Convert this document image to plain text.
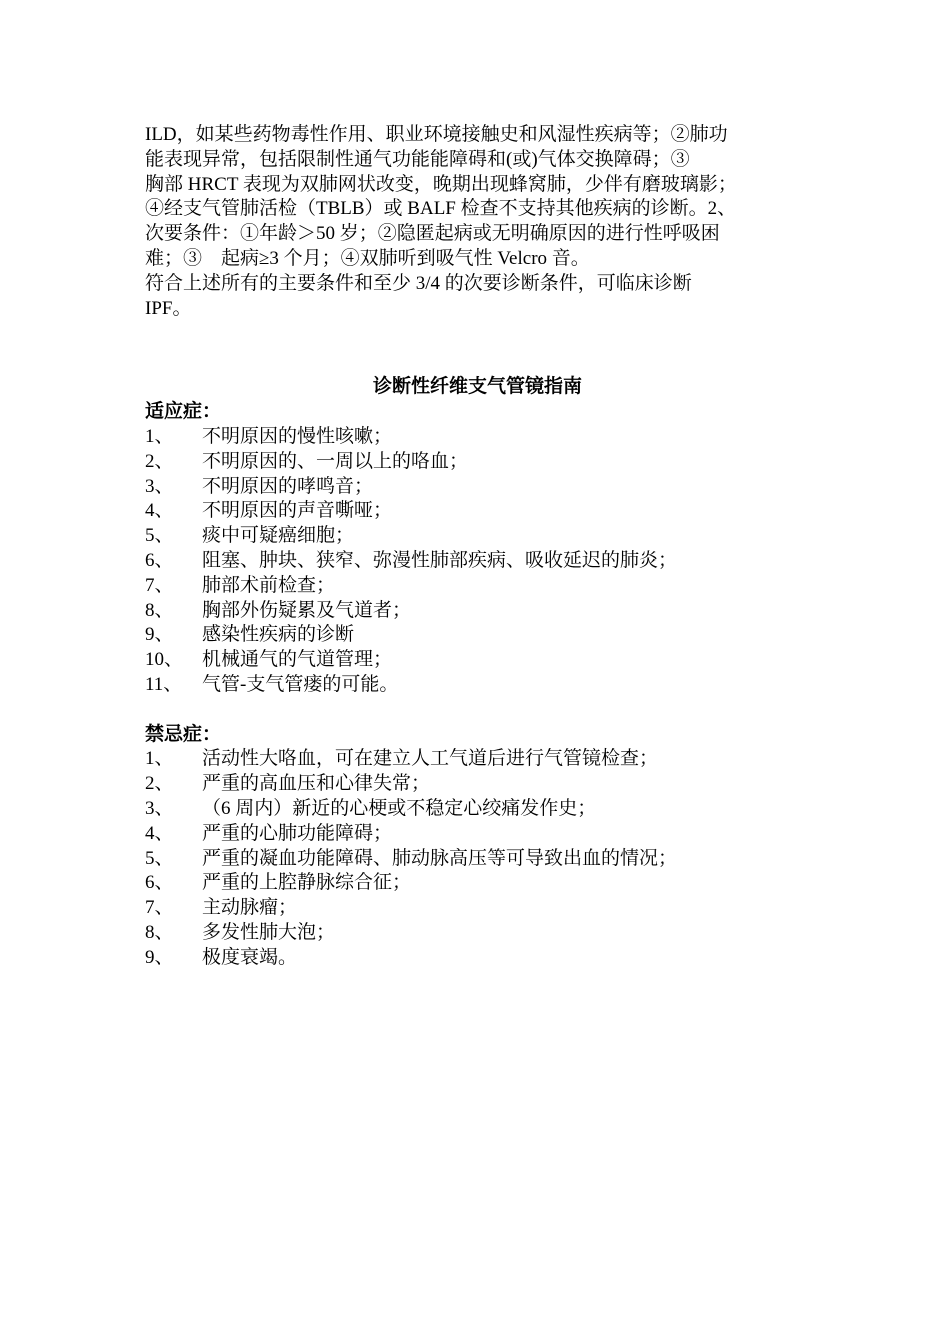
ILD，如某些药物毒性作用、职业环境接触史和风湿性疾病等；②肺功
能表现异常，包括限制性通气功能能障碍和(或)气体交换障碍；③
胸部 HRCT 表现为双肺网状改变，晚期出现蜂窝肺，少伴有磨玻璃影；
④经支气管肺活检（TBLB）或 BALF 检查不支持其他疾病的诊断。2、
次要条件：①年龄＞50 岁；②隐匿起病或无明确原因的进行性呼吸困
难；③　起病≥3 个月；④双肺听到吸气性 Velcro 音。
符合上述所有的主要条件和至少 3/4 的次要诊断条件，可临床诊断
IPF。
诊断性纤维支气管镜指南
适应症：
1、	不明原因的慢性咳嗽；
2、	不明原因的、一周以上的咯血；
3、	不明原因的哮鸣音；
4、	不明原因的声音嘶哑；
5、	痰中可疑癌细胞；
6、	阻塞、肿块、狭窄、弥漫性肺部疾病、吸收延迟的肺炎；
7、	肺部术前检查；
8、	胸部外伤疑累及气道者；
9、	感染性疾病的诊断
10、 机械通气的气道管理；
11、	气管-支气管瘘的可能。
禁忌症：
1、	活动性大咯血，可在建立人工气道后进行气管镜检查；
2、	严重的高血压和心律失常；
3、	（6 周内）新近的心梗或不稳定心绞痛发作史；
4、	严重的心肺功能障碍；
5、	严重的凝血功能障碍、肺动脉高压等可导致出血的情况；
6、	严重的上腔静脉综合征；
7、	主动脉瘤；
8、	多发性肺大泡；
9、	极度衰竭。
